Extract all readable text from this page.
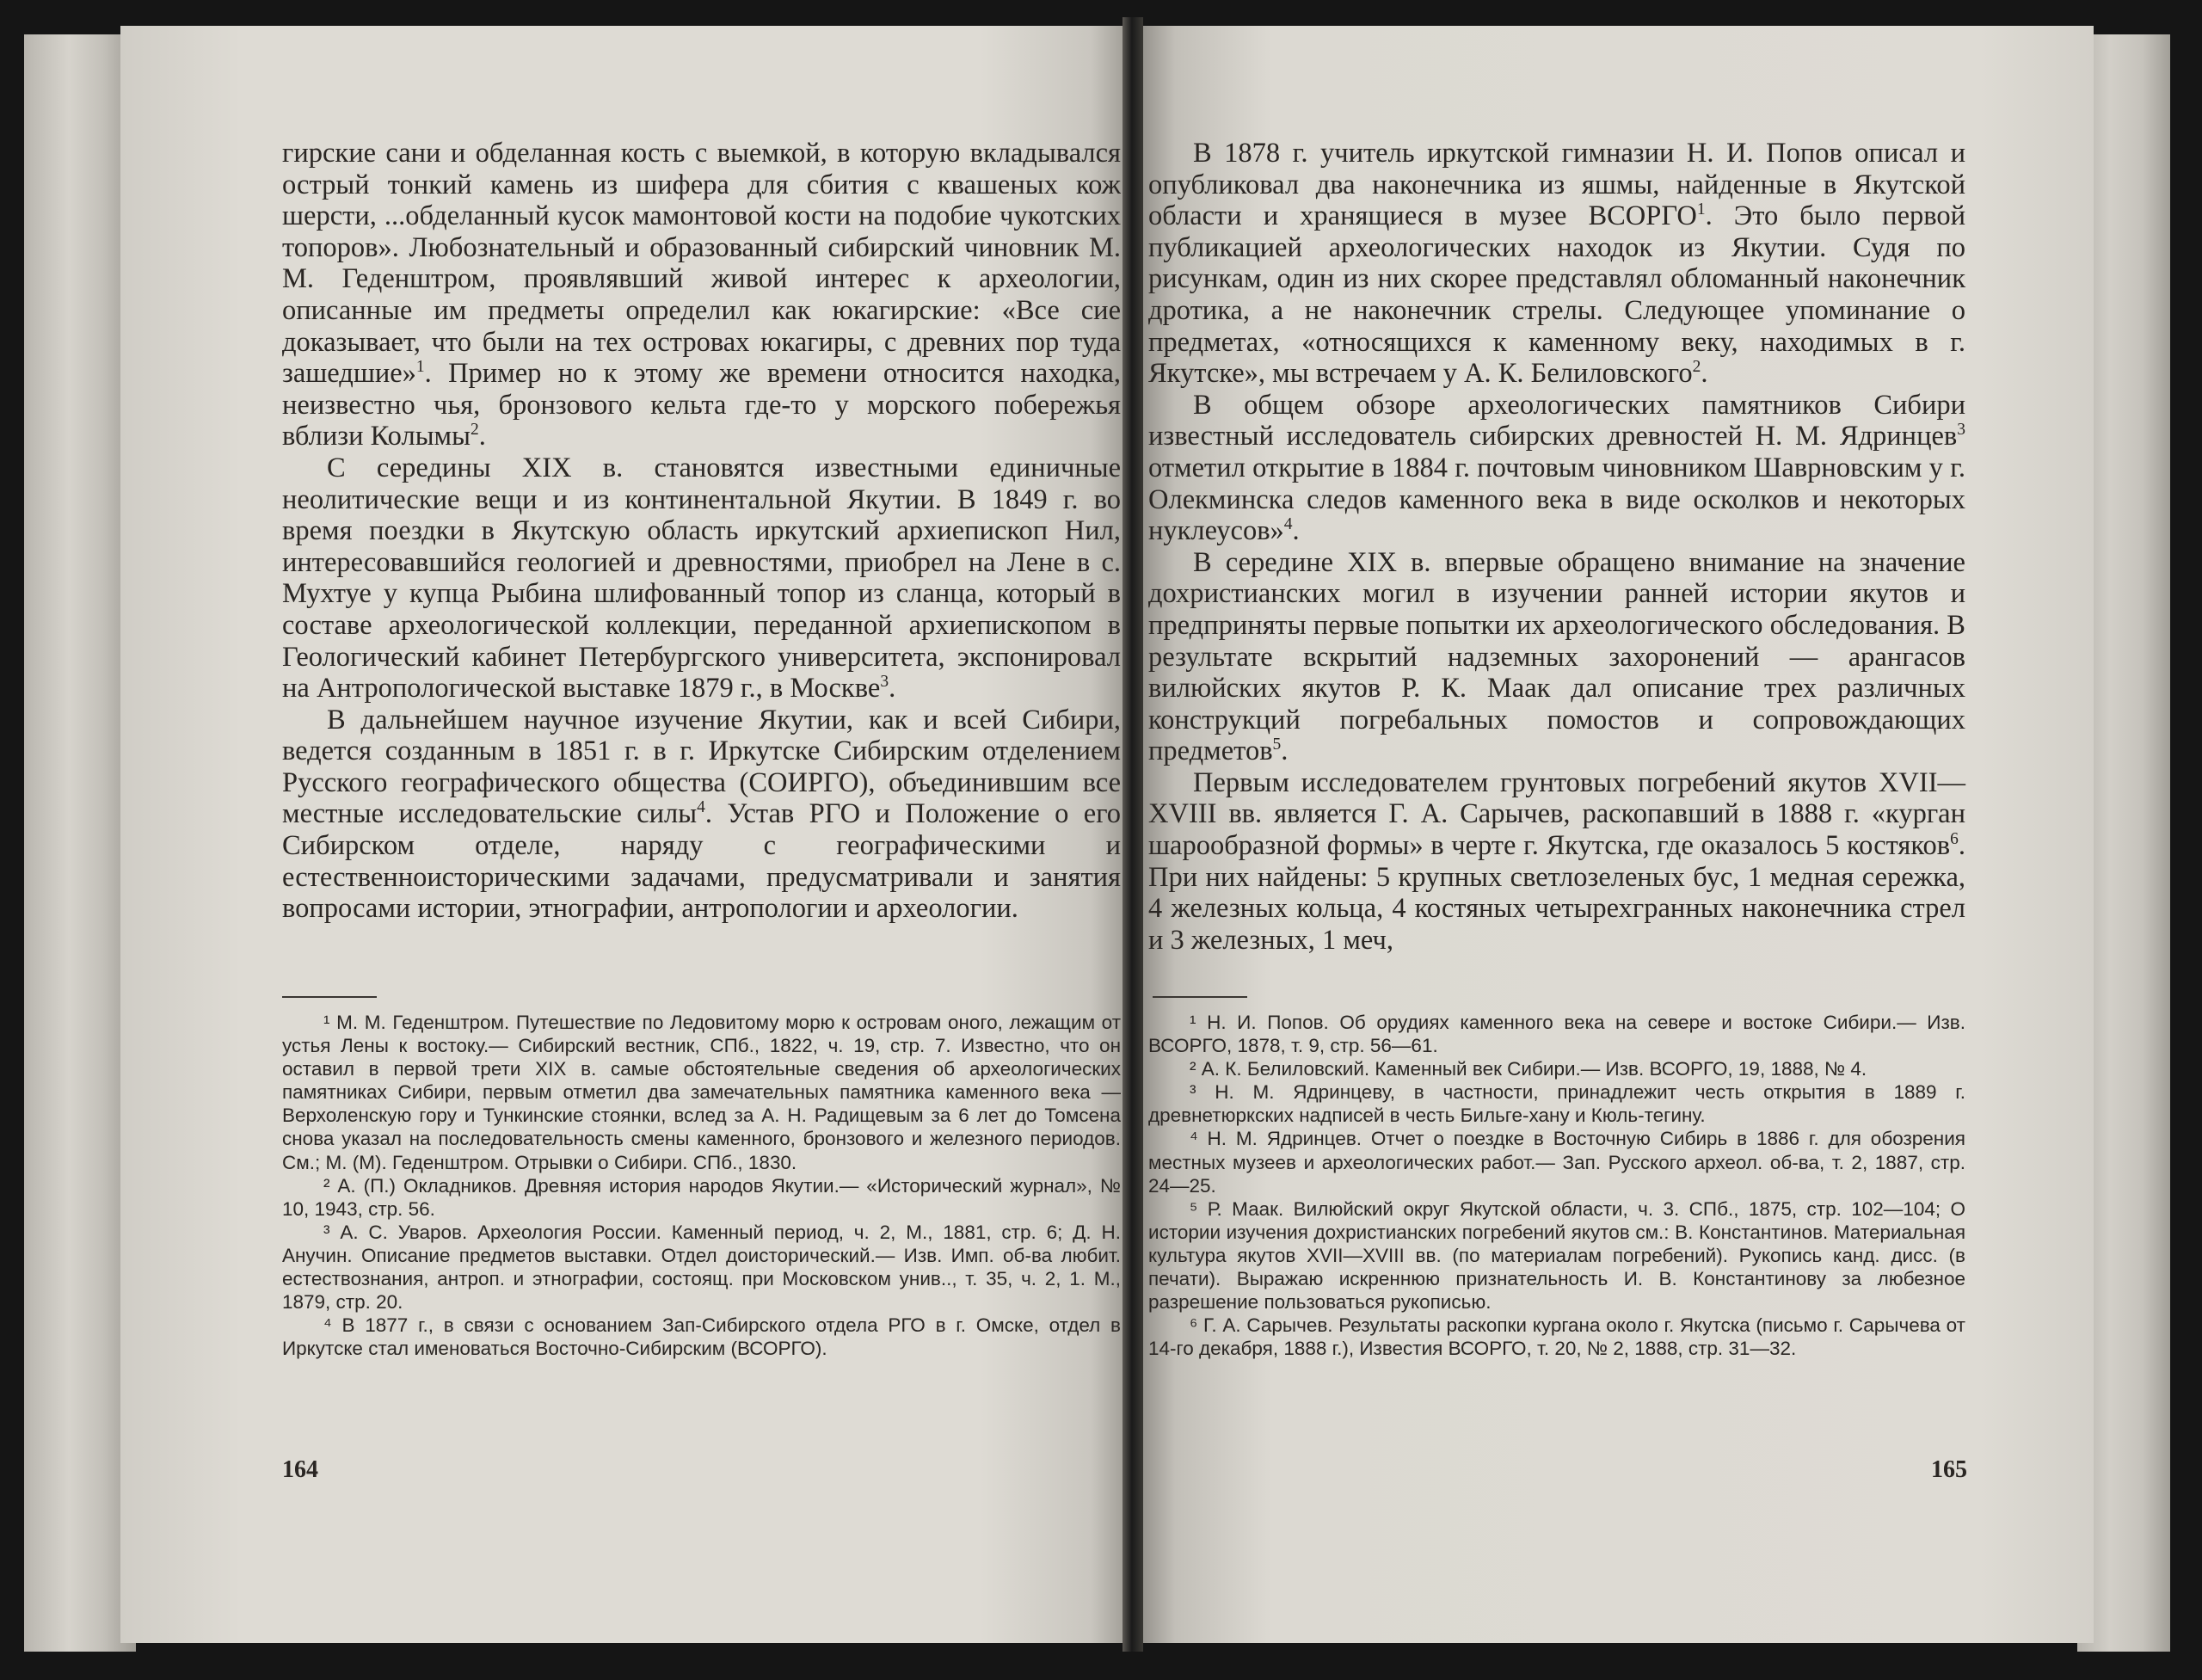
гирские сани и обделанная кость с выемкой, в которую вкладывался острый тонкий камень из шифера для сбития с квашеных кож шерсти, ...обделанный кусок мамонтовой кости на подобие чукотских топоров». Любознательный и образованный сибирский чиновник М. М. Геденштром, проявлявший живой интерес к археологии, описанные им предметы определил как юкагирские: «Все сие доказывает, что были на тех островах юкагиры, с древних пор туда зашедшие»$^1$. Пример но к этому же времени относится находка, неизвестно чья, бронзового кельта где-то у морского побережья вблизи Колымы$^2$.

С середины XIX в. становятся известными единичные неолитические вещи и из континентальной Якутии. В 1849 г. во время поездки в Якутскую область иркутский архиепископ Нил, интересовавшийся геологией и древностями, приобрел на Лене в с. Мухтуе у купца Рыбина шлифованный топор из сланца, который в составе археологической коллекции, переданной архиепископом в Геологический кабинет Петербургского университета, экспонировал на Антропологической выставке 1879 г., в Москве$^3$.

В дальнейшем научное изучение Якутии, как и всей Сибири, ведется созданным в 1851 г. в г. Иркутске Сибирским отделением Русского географического общества (СОИРГО), объединившим все местные исследовательские силы$^4$. Устав РГО и Положение о его Сибирском отделе, наряду с географическими и естественноисторическими задачами, предусматривали и занятия вопросами истории, этнографии, антропологии и археологии.

¹ М. М. Геденштром. Путешествие по Ледовитому морю к островам оного, лежащим от устья Лены к востоку.— Сибирский вестник, СПб., 1822, ч. 19, стр. 7. Известно, что он оставил в первой трети XIX в. самые обстоятельные сведения об археологических памятниках Сибири, первым отметил два замечательных памятника каменного века — Верхоленскую гору и Тункинские стоянки, вслед за А. Н. Радищевым за 6 лет до Томсена снова указал на последовательность смены каменного, бронзового и железного периодов. См.; М. (М). Геденштром. Отрывки о Сибири. СПб., 1830.

² А. (П.) Окладников. Древняя история народов Якутии.— «Исторический журнал», № 10, 1943, стр. 56.

³ А. С. Уваров. Археология России. Каменный период, ч. 2, М., 1881, стр. 6; Д. Н. Анучин. Описание предметов выставки. Отдел доисторический.— Изв. Имп. об-ва любит. естествознания, антроп. и этнографии, состоящ. при Московском унив.., т. 35, ч. 2, 1. М., 1879, стр. 20.

⁴ В 1877 г., в связи с основанием Зап-Сибирского отдела РГО в г. Омске, отдел в Иркутске стал именоваться Восточно-Сибирским (ВСОРГО).

164

В 1878 г. учитель иркутской гимназии Н. И. Попов описал и опубликовал два наконечника из яшмы, найденные в Якутской области и хранящиеся в музее ВСОРГО$^1$. Это было первой публикацией археологических находок из Якутии. Судя по рисункам, один из них скорее представлял обломанный наконечник дротика, а не наконечник стрелы. Следующее упоминание о предметах, «относящихся к каменному веку, находимых в г. Якутске», мы встречаем у А. К. Белиловского$^2$.

В общем обзоре археологических памятников Сибири известный исследователь сибирских древностей Н. М. Ядринцев$^3$ отметил открытие в 1884 г. почтовым чиновником Шаврновским у г. Олекминска следов каменного века в виде осколков и некоторых нуклеусов»$^4$.

В середине XIX в. впервые обращено внимание на значение дохристианских могил в изучении ранней истории якутов и предприняты первые попытки их археологического обследования. В результате вскрытий надземных захоронений — арангасов вилюйских якутов Р. К. Маак дал описание трех различных конструкций погребальных помостов и сопровождающих предметов$^5$.

Первым исследователем грунтовых погребений якутов XVII—XVIII вв. является Г. А. Сарычев, раскопавший в 1888 г. «курган шарообразной формы» в черте г. Якутска, где оказалось 5 костяков$^6$. При них найдены: 5 крупных светлозеленых бус, 1 медная сережка, 4 железных кольца, 4 костяных четырехгранных наконечника стрел и 3 железных, 1 меч,

¹ Н. И. Попов. Об орудиях каменного века на севере и востоке Сибири.— Изв. ВСОРГО, 1878, т. 9, стр. 56—61.

² А. К. Белиловский. Каменный век Сибири.— Изв. ВСОРГО, 19, 1888, № 4.

³ Н. М. Ядринцеву, в частности, принадлежит честь открытия в 1889 г. древнетюркских надписей в честь Бильге-хану и Кюль-тегину.

⁴ Н. М. Ядринцев. Отчет о поездке в Восточную Сибирь в 1886 г. для обозрения местных музеев и археологических работ.— Зап. Русского археол. об-ва, т. 2, 1887, стр. 24—25.

⁵ Р. Маак. Вилюйский округ Якутской области, ч. 3. СПб., 1875, стр. 102—104; О истории изучения дохристианских погребений якутов см.: В. Константинов. Материальная культура якутов XVII—XVIII вв. (по материалам погребений). Рукопись канд. дисс. (в печати). Выражаю искреннюю признательность И. В. Константинову за любезное разрешение пользоваться рукописью.

⁶ Г. А. Сарычев. Результаты раскопки кургана около г. Якутска (письмо г. Сарычева от 14-го декабря, 1888 г.), Известия ВСОРГО, т. 20, № 2, 1888, стр. 31—32.

165
